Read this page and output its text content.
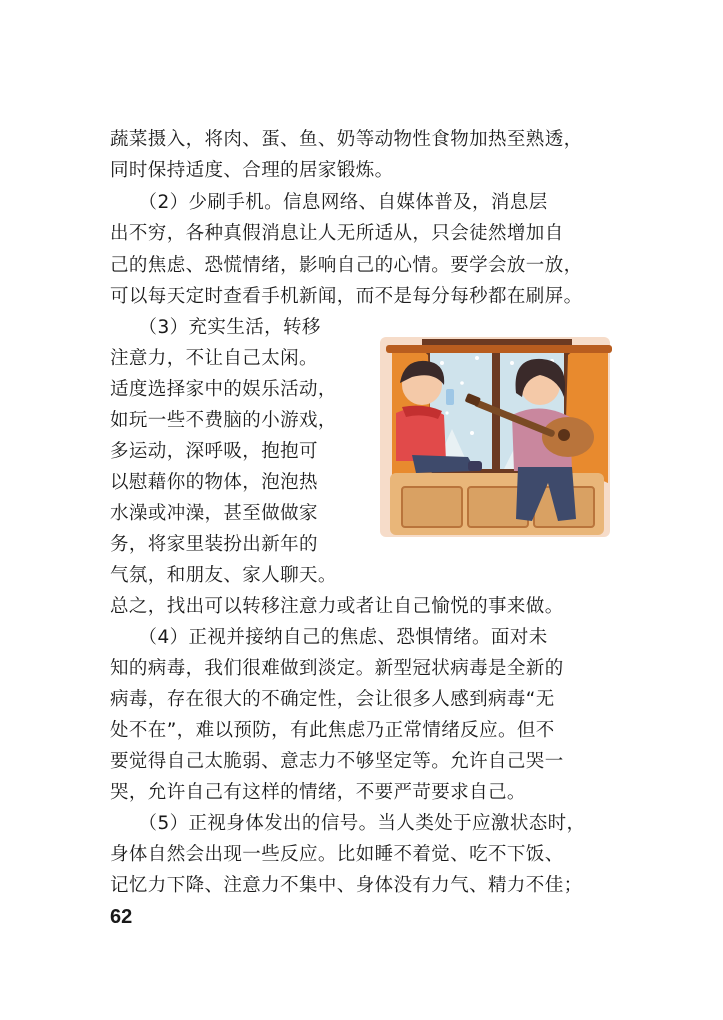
蔬菜摄入，将肉、蛋、鱼、奶等动物性食物加热至熟透，
同时保持适度、合理的居家锻炼。
　　（2）少刷手机。信息网络、自媒体普及，消息层
出不穷，各种真假消息让人无所适从，只会徒然增加自
己的焦虑、恐慌情绪，影响自己的心情。要学会放一放，
可以每天定时查看手机新闻，而不是每分每秒都在刷屏。
　　（3）充实生活，转移
注意力，不让自己太闲。
适度选择家中的娱乐活动，
如玩一些不费脑的小游戏，
多运动，深呼吸，抱抱可
以慰藉你的物体，泡泡热
水澡或冲澡，甚至做做家
务，将家里装扮出新年的
气氛，和朋友、家人聊天。
总之，找出可以转移注意力或者让自己愉悦的事来做。
　　（4）正视并接纳自己的焦虑、恐惧情绪。面对未
知的病毒，我们很难做到淡定。新型冠状病毒是全新的
病毒，存在很大的不确定性，会让很多人感到病毒“无
处不在”，难以预防，有此焦虑乃正常情绪反应。但不
要觉得自己太脆弱、意志力不够坚定等。允许自己哭一
哭，允许自己有这样的情绪，不要严苛要求自己。
　　（5）正视身体发出的信号。当人类处于应激状态时，
身体自然会出现一些反应。比如睡不着觉、吃不下饭、
记忆力下降、注意力不集中、身体没有力气、精力不佳；
62
